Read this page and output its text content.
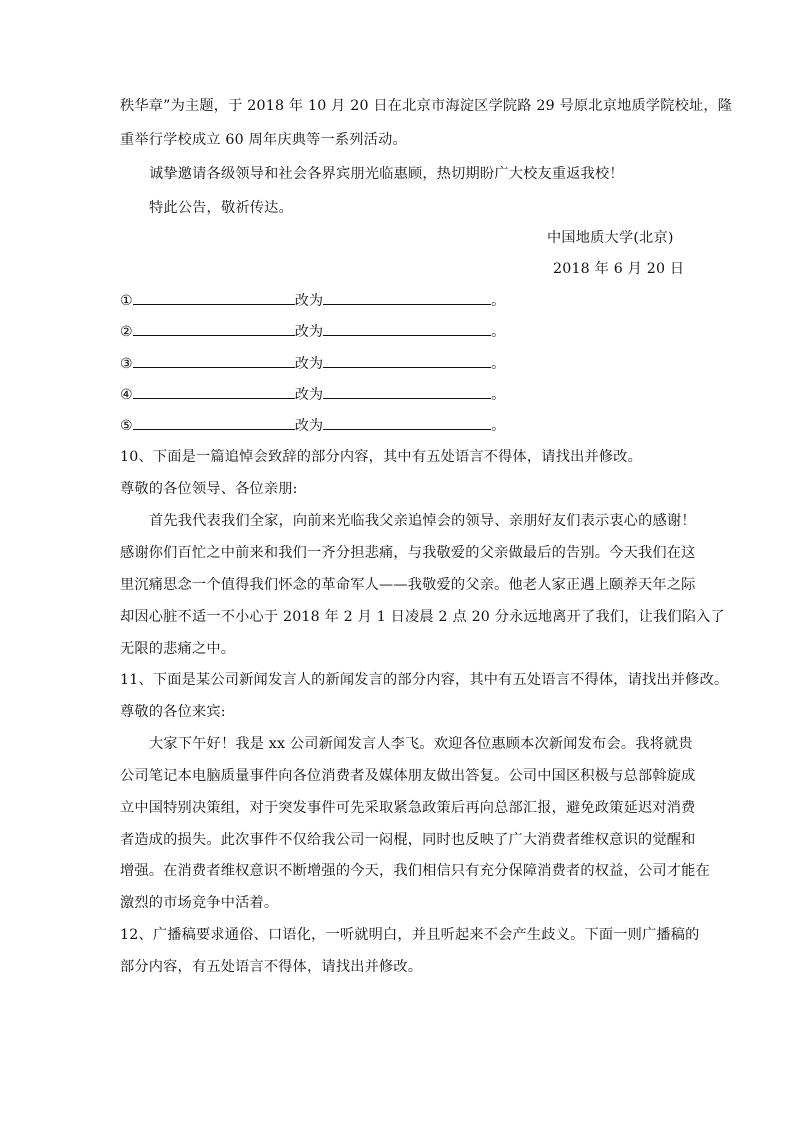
秩华章”为主题，于 2018 年 10 月 20 日在北京市海淀区学院路 29 号原北京地质学院校址，隆
重举行学校成立 60 周年庆典等一系列活动。
诚挚邀请各级领导和社会各界宾朋光临惠顾，热切期盼广大校友重返我校！
特此公告，敬祈传达。
中国地质大学(北京)
2018 年 6 月 20 日
①	改为	。
②	改为	。
③	改为	。
④	改为	。
⑤	改为	。
10、下面是一篇追悼会致辞的部分内容，其中有五处语言不得体，请找出并修改。
尊敬的各位领导、各位亲朋:
首先我代表我们全家，向前来光临我父亲追悼会的领导、亲朋好友们表示衷心的感谢！
感谢你们百忙之中前来和我们一齐分担悲痛，与我敬爱的父亲做最后的告别。今天我们在这
里沉痛思念一个值得我们怀念的革命军人——我敬爱的父亲。他老人家正遇上颐养天年之际
却因心脏不适一不小心于 2018 年 2 月 1 日凌晨 2 点 20 分永远地离开了我们，让我们陷入了
无限的悲痛之中。
11、下面是某公司新闻发言人的新闻发言的部分内容，其中有五处语言不得体，请找出并修改。
尊敬的各位来宾:
大家下午好！我是 xx 公司新闻发言人李飞。欢迎各位惠顾本次新闻发布会。我将就贵
公司笔记本电脑质量事件向各位消费者及媒体朋友做出答复。公司中国区积极与总部斡旋成
立中国特别决策组，对于突发事件可先采取紧急政策后再向总部汇报，避免政策延迟对消费
者造成的损失。此次事件不仅给我公司一闷棍，同时也反映了广大消费者维权意识的觉醒和
增强。在消费者维权意识不断增强的今天，我们相信只有充分保障消费者的权益，公司才能在
激烈的市场竞争中活着。
12、广播稿要求通俗、口语化，一听就明白，并且听起来不会产生歧义。下面一则广播稿的
部分内容，有五处语言不得体，请找出并修改。
